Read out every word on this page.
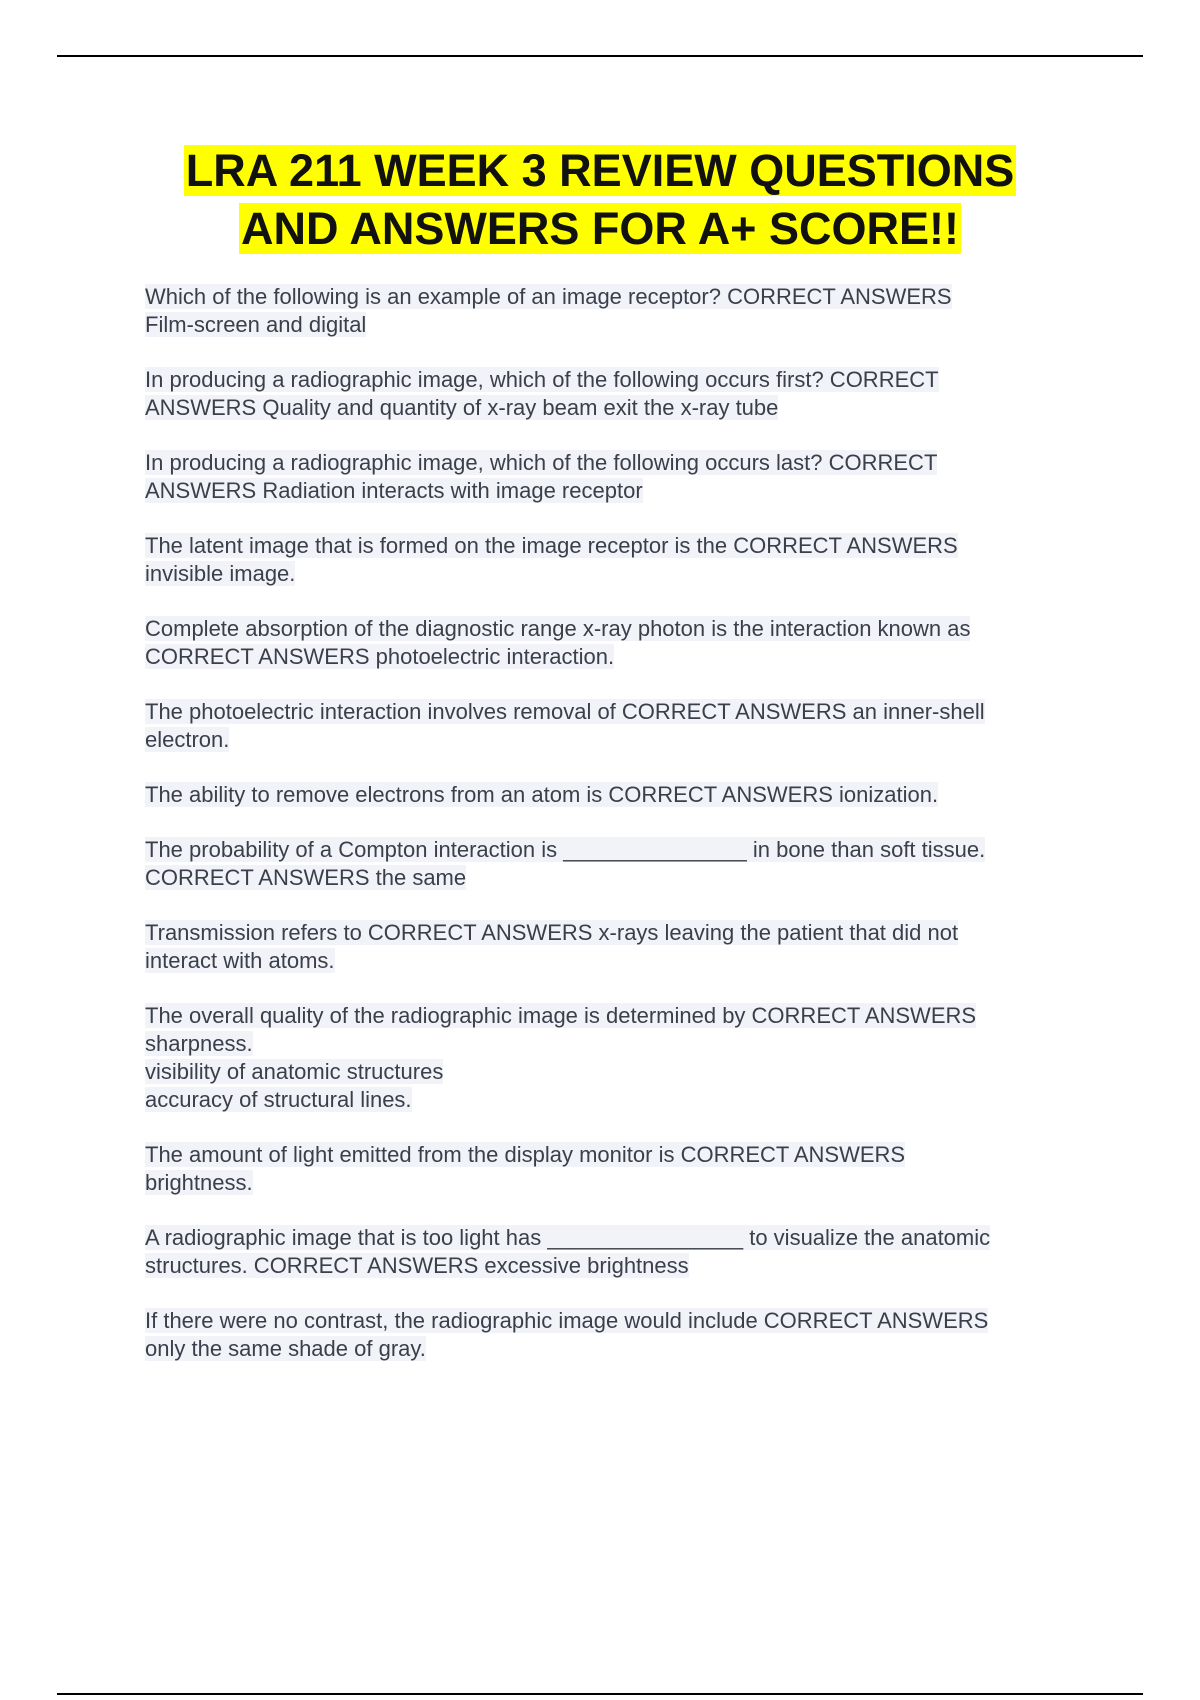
LRA 211 WEEK 3 REVIEW QUESTIONS
AND ANSWERS FOR A+ SCORE!!
Which of the following is an example of an image receptor? CORRECT ANSWERS
Film-screen and digital
In producing a radiographic image, which of the following occurs first? CORRECT
ANSWERS Quality and quantity of x-ray beam exit the x-ray tube
In producing a radiographic image, which of the following occurs last? CORRECT
ANSWERS Radiation interacts with image receptor
The latent image that is formed on the image receptor is the CORRECT ANSWERS
invisible image.
Complete absorption of the diagnostic range x-ray photon is the interaction known as
CORRECT ANSWERS photoelectric interaction.
The photoelectric interaction involves removal of CORRECT ANSWERS an inner-shell
electron.
The ability to remove electrons from an atom is CORRECT ANSWERS ionization.
The probability of a Compton interaction is _______________ in bone than soft tissue.
CORRECT ANSWERS the same
Transmission refers to CORRECT ANSWERS x-rays leaving the patient that did not
interact with atoms.
The overall quality of the radiographic image is determined by CORRECT ANSWERS
sharpness.
visibility of anatomic structures
accuracy of structural lines.
The amount of light emitted from the display monitor is CORRECT ANSWERS
brightness.
A radiographic image that is too light has ________________ to visualize the anatomic
structures. CORRECT ANSWERS excessive brightness
If there were no contrast, the radiographic image would include CORRECT ANSWERS
only the same shade of gray.
